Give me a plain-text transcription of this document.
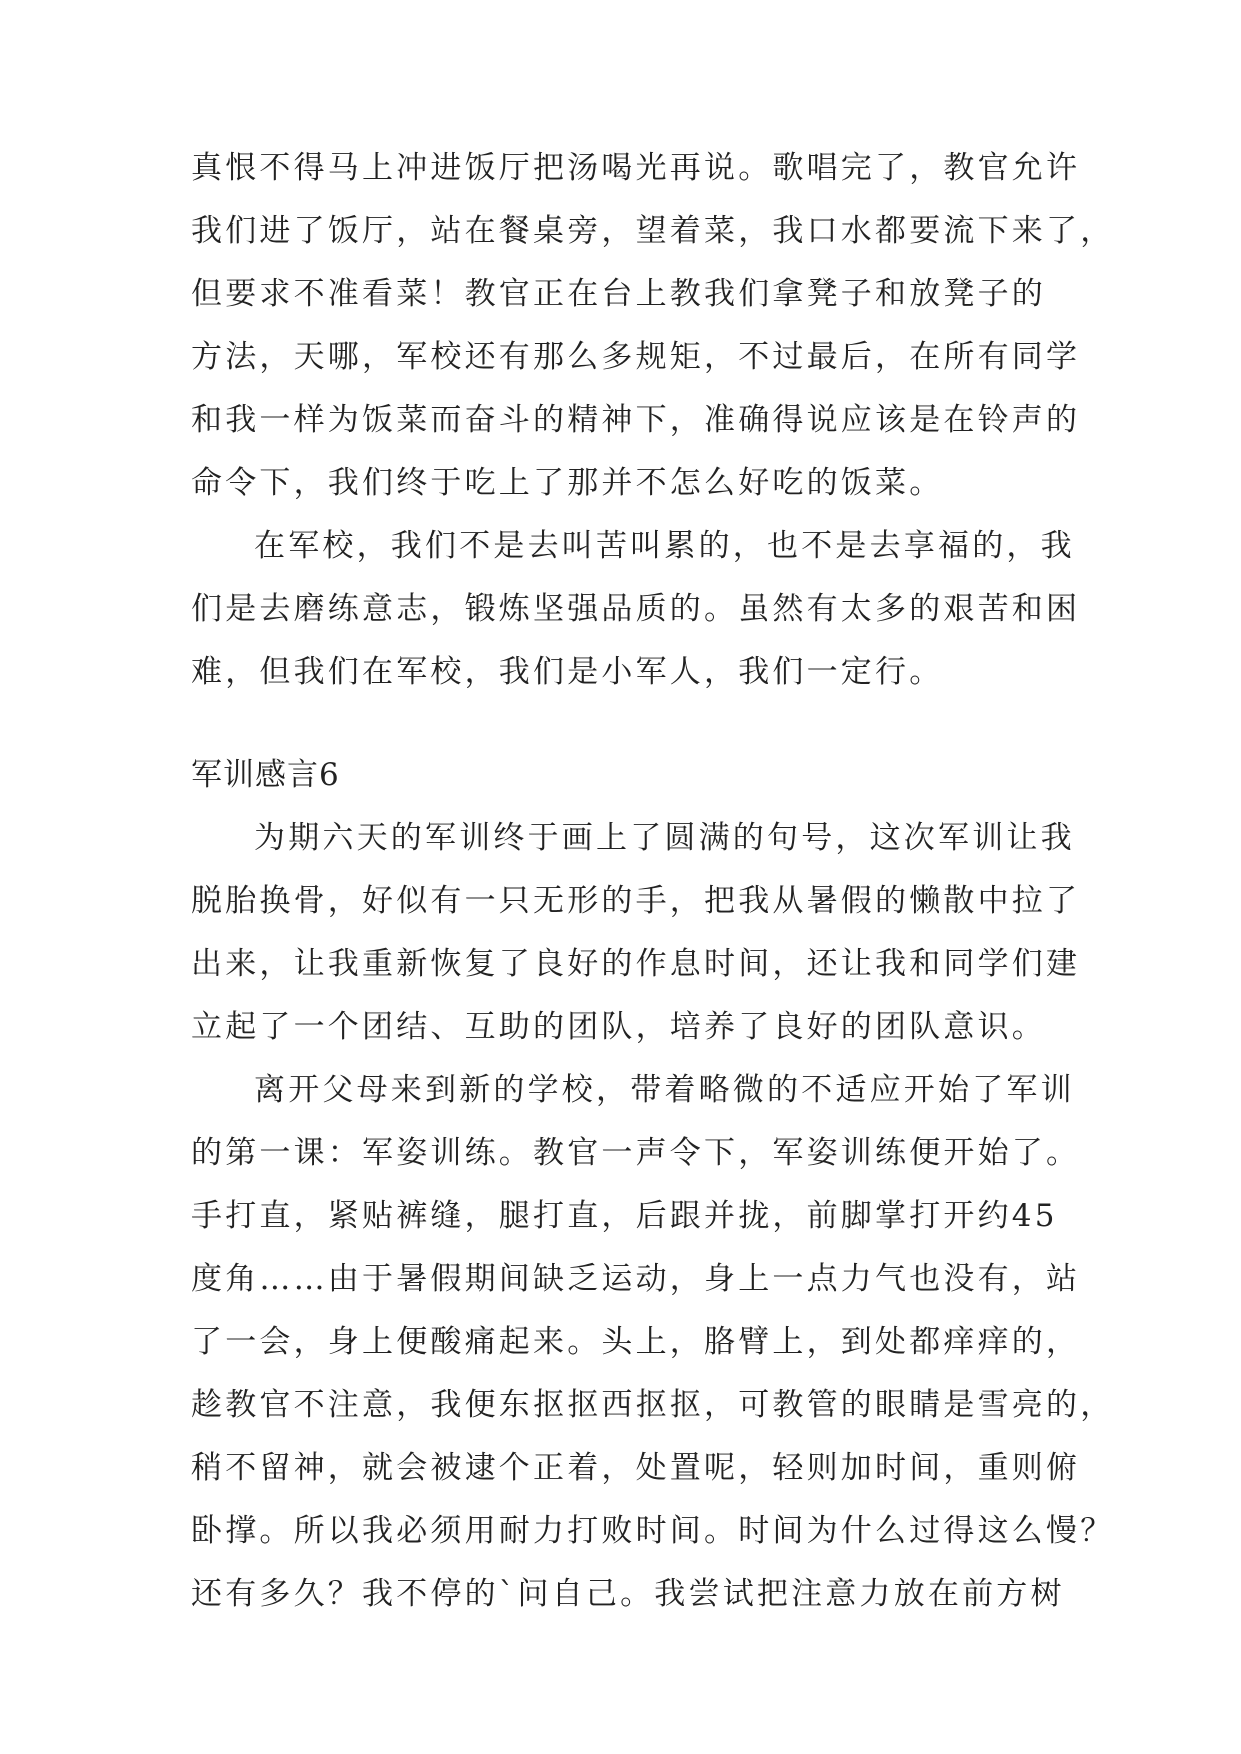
真恨不得马上冲进饭厅把汤喝光再说。歌唱完了，教官允许
我们进了饭厅，站在餐桌旁，望着菜，我口水都要流下来了，
但要求不准看菜！教官正在台上教我们拿凳子和放凳子的
方法，天哪，军校还有那么多规矩，不过最后，在所有同学
和我一样为饭菜而奋斗的精神下，准确得说应该是在铃声的
命令下，我们终于吃上了那并不怎么好吃的饭菜。
在军校，我们不是去叫苦叫累的，也不是去享福的，我
们是去磨练意志，锻炼坚强品质的。虽然有太多的艰苦和困
难，但我们在军校，我们是小军人，我们一定行。
军训感言6
为期六天的军训终于画上了圆满的句号，这次军训让我
脱胎换骨，好似有一只无形的手，把我从暑假的懒散中拉了
出来，让我重新恢复了良好的作息时间，还让我和同学们建
立起了一个团结、互助的团队，培养了良好的团队意识。
离开父母来到新的学校，带着略微的不适应开始了军训
的第一课：军姿训练。教官一声令下，军姿训练便开始了。
手打直，紧贴裤缝，腿打直，后跟并拢，前脚掌打开约45
度角……由于暑假期间缺乏运动，身上一点力气也没有，站
了一会，身上便酸痛起来。头上，胳臂上，到处都痒痒的，
趁教官不注意，我便东抠抠西抠抠，可教管的眼睛是雪亮的，
稍不留神，就会被逮个正着，处置呢，轻则加时间，重则俯
卧撑。所以我必须用耐力打败时间。时间为什么过得这么慢？
还有多久？我不停的`问自己。我尝试把注意力放在前方树
